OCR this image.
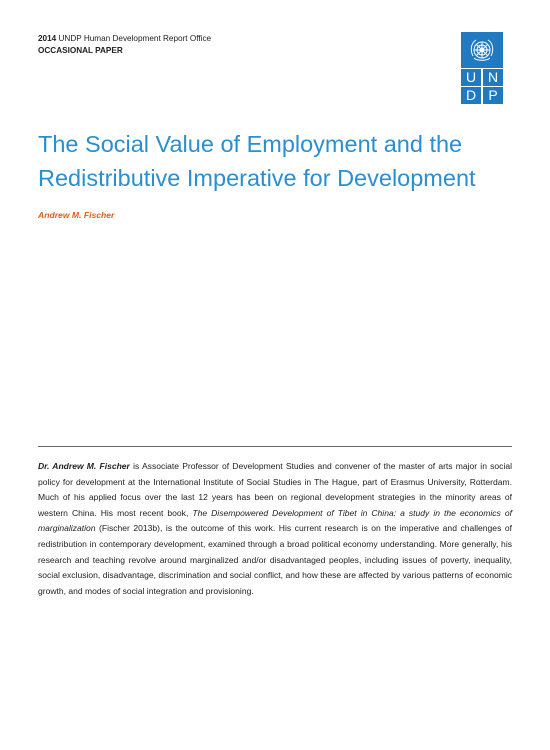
2014 UNDP Human Development Report Office
OCCASIONAL PAPER
U N
D P
The Social Value of Employment and the Redistributive Imperative for Development
Andrew M. Fischer

Dr. Andrew M. Fischer is Associate Professor of Development Studies and convener of the master of arts major in social policy for development at the International Institute of Social Studies in The Hague, part of Erasmus University, Rotterdam. Much of his applied focus over the last 12 years has been on regional development strategies in the minority areas of western China. His most recent book, The Disempowered Development of Tibet in China: a study in the economics of marginalization (Fischer 2013b), is the outcome of this work. His current research is on the imperative and challenges of redistribution in contemporary development, examined through a broad political economy understanding. More generally, his research and teaching revolve around marginalized and/or disadvantaged peoples, including issues of poverty, inequality, social exclusion, disadvantage, discrimination and social conflict, and how these are affected by various patterns of economic growth, and modes of social integration and provisioning.
